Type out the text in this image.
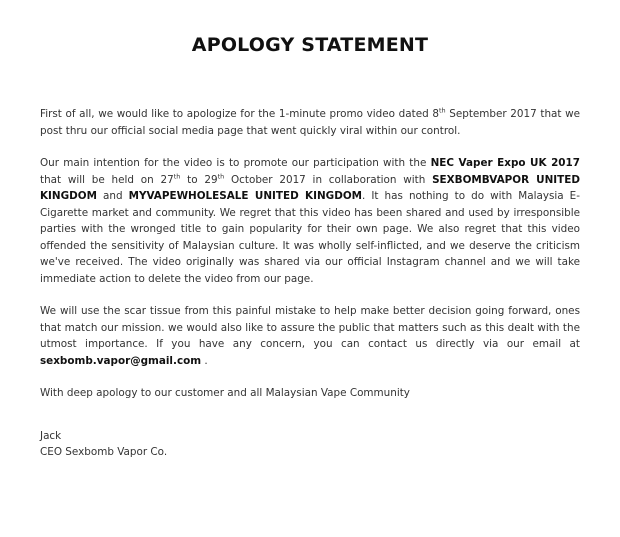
APOLOGY STATEMENT

First of all, we would like to apologize for the 1-minute promo video dated 8th September 2017 that we post thru our official social media page that went quickly viral within our control.

Our main intention for the video is to promote our participation with the NEC Vaper Expo UK 2017 that will be held on 27th to 29th October 2017 in collaboration with SEXBOMBVAPOR UNITED KINGDOM and MYVAPEWHOLESALE UNITED KINGDOM. It has nothing to do with Malaysia E-Cigarette market and community. We regret that this video has been shared and used by irresponsible parties with the wronged title to gain popularity for their own page. We also regret that this video offended the sensitivity of Malaysian culture. It was wholly self-inflicted, and we deserve the criticism we've received. The video originally was shared via our official Instagram channel and we will take immediate action to delete the video from our page.

We will use the scar tissue from this painful mistake to help make better decision going forward, ones that match our mission. we would also like to assure the public that matters such as this dealt with the utmost importance. If you have any concern, you can contact us directly via our email at sexbomb.vapor@gmail.com .

With deep apology to our customer and all Malaysian Vape Community

Jack

CEO Sexbomb Vapor Co.
